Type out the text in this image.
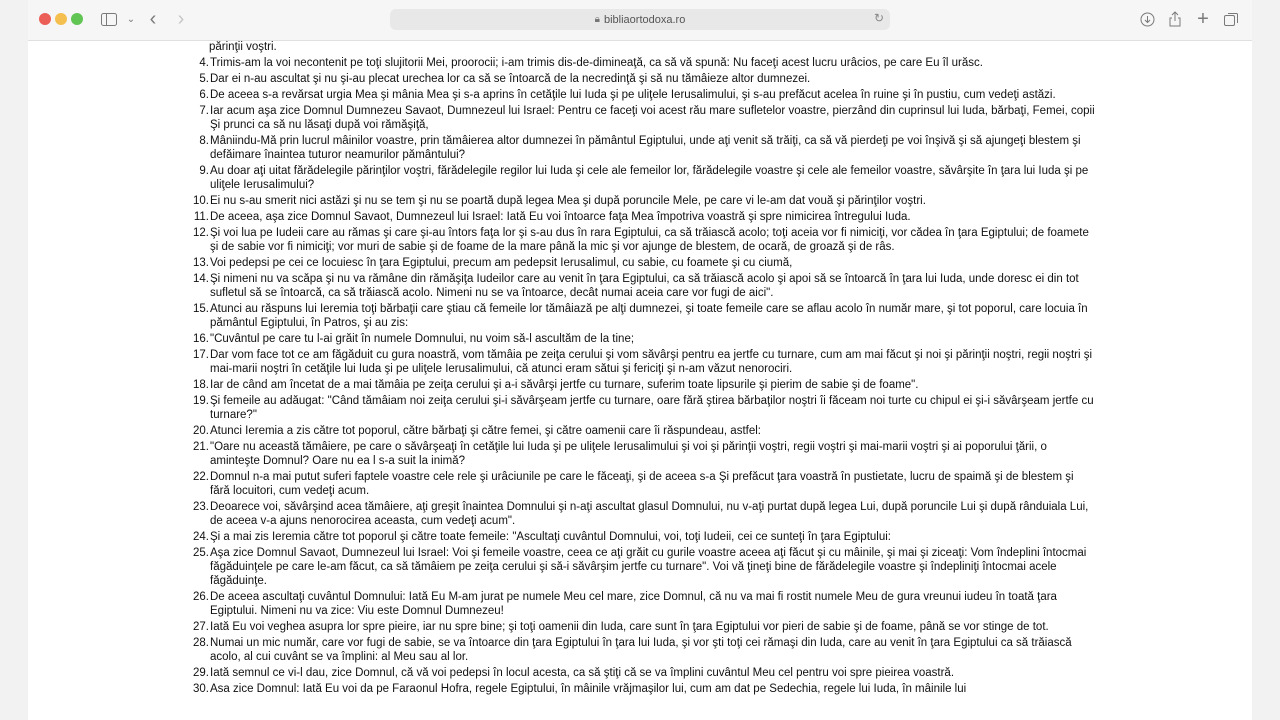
⌄ ‹	›	🔒︎ bibliaortodoxa.ro	↻	+
părinţii voştri.
4. Trimis-am la voi necontenit pe toţi slujitorii Mei, proorocii; i-am trimis dis-de-dimineaţă, ca să vă spună: Nu faceţi acest lucru urâcios, pe care Eu îl urăsc.
5. Dar ei n-au ascultat şi nu şi-au plecat urechea lor ca să se întoarcă de la necredinţă şi să nu tămâieze altor dumnezei.
6. De aceea s-a revărsat urgia Mea şi mânia Mea şi s-a aprins în cetăţile lui Iuda şi pe uliţele Ierusalimului, şi s-au prefăcut acelea în ruine şi în pustiu, cum vedeţi astăzi.
7. Iar acum aşa zice Domnul Dumnezeu Savaot, Dumnezeul lui Israel: Pentru ce faceţi voi acest rău mare sufletelor voastre, pierzând din cuprinsul lui Iuda, bărbaţi, Femei, copii Şi prunci ca să nu lăsaţi după voi rămăşiţă,
8. Mâniindu-Mă prin lucrul mâinilor voastre, prin tămâierea altor dumnezei în pământul Egiptului, unde aţi venit să trăiţi, ca să vă pierdeţi pe voi înşivă şi să ajungeţi blestem şi defăimare înaintea tuturor neamurilor pământului?
9. Au doar aţi uitat fărădelegile părinţilor voştri, fărădelegile regilor lui Iuda şi cele ale femeilor lor, fărădelegile voastre şi cele ale femeilor voastre, săvârşite în ţara lui Iuda şi pe uliţele Ierusalimului?
10. Ei nu s-au smerit nici astăzi şi nu se tem şi nu se poartă după legea Mea şi după poruncile Mele, pe care vi le-am dat vouă şi părinţilor voştri.
11. De aceea, aşa zice Domnul Savaot, Dumnezeul lui Israel: Iată Eu voi întoarce faţa Mea împotriva voastră şi spre nimicirea întregului Iuda.
12. Şi voi lua pe Iudeii care au rămas şi care şi-au întors faţa lor şi s-au dus în rara Egiptului, ca să trăiască acolo; toţi aceia vor fi nimiciţi, vor cădea în ţara Egiptului; de foamete şi de sabie vor fi nimiciţi; vor muri de sabie şi de foame de la mare până la mic şi vor ajunge de blestem, de ocară, de groază şi de râs.
13. Voi pedepsi pe cei ce locuiesc în ţara Egiptului, precum am pedepsit Ierusalimul, cu sabie, cu foamete şi cu ciumă,
14. Şi nimeni nu va scăpa şi nu va rămâne din rămăşiţa Iudeilor care au venit în ţara Egiptului, ca să trăiască acolo şi apoi să se întoarcă în ţara lui Iuda, unde doresc ei din tot sufletul să se întoarcă, ca să trăiască acolo. Nimeni nu se va întoarce, decât numai aceia care vor fugi de aici".
15. Atunci au răspuns lui Ieremia toţi bărbaţii care ştiau că femeile lor tămâiază pe alţi dumnezei, şi toate femeile care se aflau acolo în număr mare, şi tot poporul, care locuia în pământul Egiptului, în Patros, şi au zis:
16. "Cuvântul pe care tu l-ai grăit în numele Domnului, nu voim să-l ascultăm de la tine;
17. Dar vom face tot ce am făgăduit cu gura noastră, vom tămâia pe zeiţa cerului şi vom săvârşi pentru ea jertfe cu turnare, cum am mai făcut şi noi şi părinţii noştri, regii noştri şi mai-marii noştri în cetăţile lui Iuda şi pe uliţele Ierusalimului, că atunci eram sătui şi fericiţi şi n-am văzut nenorociri.
18. Iar de când am încetat de a mai tămâia pe zeiţa cerului şi a-i săvârşi jertfe cu turnare, suferim toate lipsurile şi pierim de sabie şi de foame".
19. Şi femeile au adăugat: "Când tămâiam noi zeiţa cerului şi-i săvârşeam jertfe cu turnare, oare fără ştirea bărbaţilor noştri îi făceam noi turte cu chipul ei şi-i săvârşeam jertfe cu turnare?"
20. Atunci Ieremia a zis către tot poporul, către bărbaţi şi către femei, şi către oamenii care îi răspundeau, astfel:
21. "Oare nu această tămâiere, pe care o săvârşeaţi în cetăţile lui Iuda şi pe uliţele Ierusalimului şi voi şi părinţii voştri, regii voştri şi mai-marii voştri şi ai poporului ţării, o aminteşte Domnul? Oare nu ea l s-a suit la inimă?
22. Domnul n-a mai putut suferi faptele voastre cele rele şi urâciunile pe care le făceaţi, şi de aceea s-a Şi prefăcut ţara voastră în pustietate, lucru de spaimă şi de blestem şi fără locuitori, cum vedeţi acum.
23. Deoarece voi, săvârşind acea tămâiere, aţi greşit înaintea Domnului şi n-aţi ascultat glasul Domnului, nu v-aţi purtat după legea Lui, după poruncile Lui şi după rânduiala Lui, de aceea v-a ajuns nenorocirea aceasta, cum vedeţi acum".
24. Şi a mai zis Ieremia către tot poporul şi către toate femeile: "Ascultaţi cuvântul Domnului, voi, toţi Iudeii, cei ce sunteţi în ţara Egiptului:
25. Aşa zice Domnul Savaot, Dumnezeul lui Israel: Voi şi femeile voastre, ceea ce aţi grăit cu gurile voastre aceea aţi făcut şi cu mâinile, şi mai şi ziceaţi: Vom îndeplini întocmai făgăduinţele pe care le-am făcut, ca să tămâiem pe zeiţa cerului şi să-i săvârşim jertfe cu turnare". Voi vă ţineţi bine de fărădelegile voastre şi îndepliniţi întocmai acele făgăduinţe.
26. De aceea ascultaţi cuvântul Domnului: Iată Eu M-am jurat pe numele Meu cel mare, zice Domnul, că nu va mai fi rostit numele Meu de gura vreunui iudeu în toată ţara Egiptului. Nimeni nu va zice: Viu este Domnul Dumnezeu!
27. Iată Eu voi veghea asupra lor spre pieire, iar nu spre bine; şi toţi oamenii din Iuda, care sunt în ţara Egiptului vor pieri de sabie şi de foame, până se vor stinge de tot.
28. Numai un mic număr, care vor fugi de sabie, se va întoarce din ţara Egiptului în ţara lui Iuda, şi vor şti toţi cei rămaşi din Iuda, care au venit în ţara Egiptului ca să trăiască acolo, al cui cuvânt se va împlini: al Meu sau al lor.
29. Iată semnul ce vi-l dau, zice Domnul, că vă voi pedepsi în locul acesta, ca să ştiţi că se va împlini cuvântul Meu cel pentru voi spre pieirea voastră.
30. Asa zice Domnul: Iată Eu voi da pe Faraonul Hofra, regele Egiptului, în mâinile vrăjmaşilor lui, cum am dat pe Sedechia, regele lui Iuda, în mâinile lui
